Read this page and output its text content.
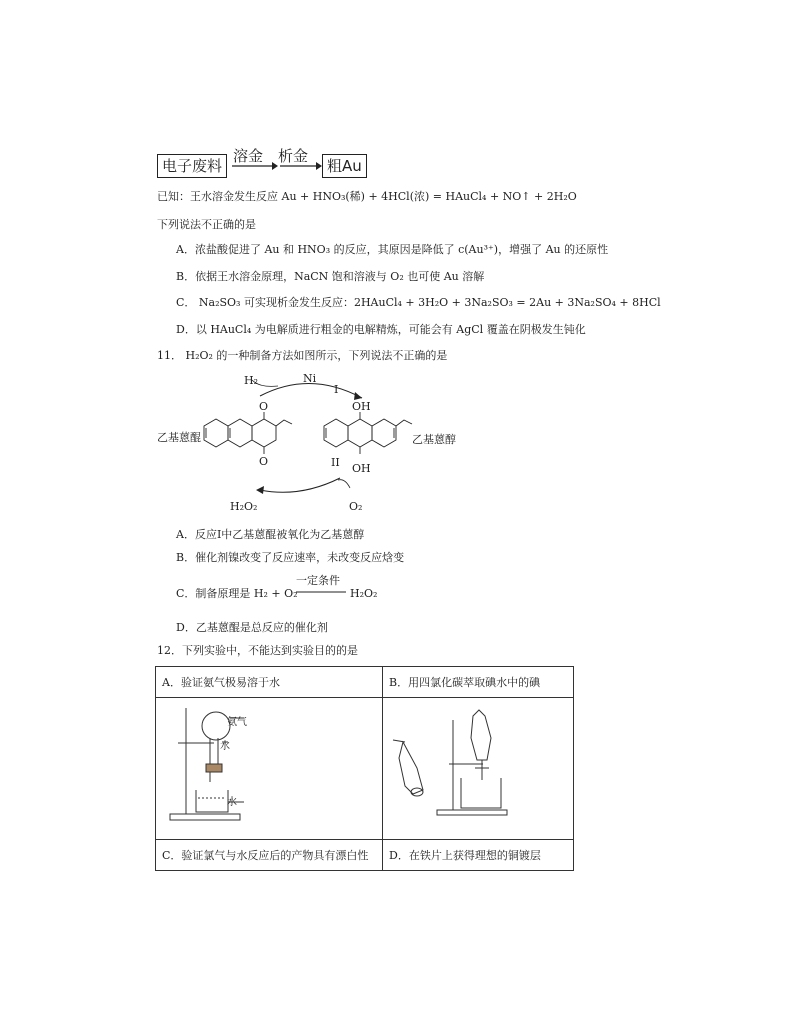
电子废料
溶金 析金
粗Au
已知：王水溶金发生反应 Au + HNO₃(稀) + 4HCl(浓) = HAuCl₄ + NO↑ + 2H₂O
下列说法不正确的是
A．浓盐酸促进了 Au 和 HNO₃ 的反应，其原因是降低了 c(Au³⁺)，增强了 Au 的还原性
B．依据王水溶金原理，NaCN 饱和溶液与 O₂ 也可使 Au 溶解
C． Na₂SO₃ 可实现析金发生反应：2HAuCl₄ + 3H₂O + 3Na₂SO₃ = 2Au + 3Na₂SO₄ + 8HCl
D．以 HAuCl₄ 为电解质进行粗金的电解精炼，可能会有 AgCl 覆盖在阴极发生钝化
11． H₂O₂ 的一种制备方法如图所示，下列说法不正确的是
H₂	Ni
I
O
O
OH
OH
II
乙基蒽醌	乙基蒽醇
H₂O₂	O₂
A．反应Ⅰ中乙基蒽醌被氧化为乙基蒽醇
B．催化剂镍改变了反应速率，未改变反应焓变
C．制备原理是 H₂ + O₂
一定条件
H₂O₂
D．乙基蒽醌是总反应的催化剂
12．下列实验中，不能达到实验目的的是
A．验证氨气极易溶于水	B．用四氯化碳萃取碘水中的碘

C．验证氯气与水反应后的产物具有漂白性	D．在铁片上获得理想的铜镀层
氨气
水
水
